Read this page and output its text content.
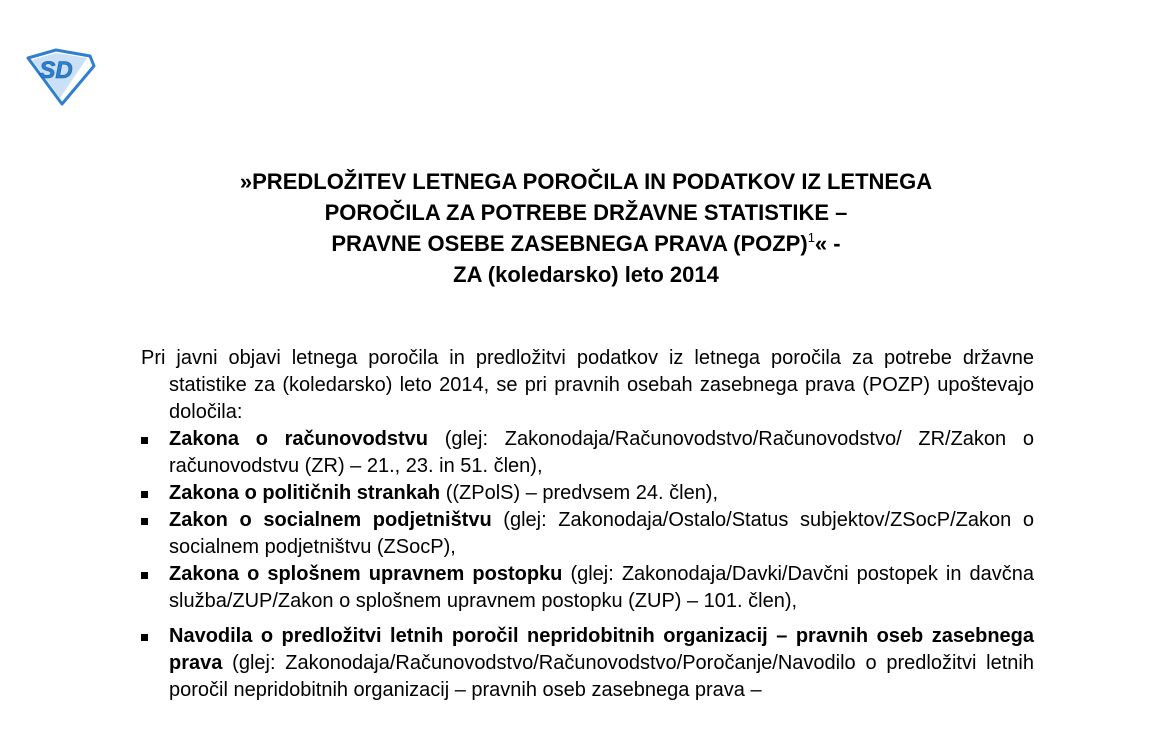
SD
»PREDLOŽITEV LETNEGA POROČILA IN PODATKOV IZ LETNEGA
POROČILA ZA POTREBE DRŽAVNE STATISTIKE –
PRAVNE OSEBE ZASEBNEGA PRAVA (POZP)$^1$« -
ZA (koledarsko) leto 2014

Pri javni objavi letnega poročila in predložitvi podatkov iz letnega poročila za potrebe državne statistike za (koledarsko) leto 2014, se pri pravnih osebah zasebnega prava (POZP) upoštevajo določila:

Zakona o računovodstvu (glej: Zakonodaja/Računovodstvo/Računovodstvo/ ZR/Zakon o računovodstvu (ZR) – 21., 23. in 51. člen),
Zakona o političnih strankah ((ZPolS) – predvsem 24. člen),
Zakon o socialnem podjetništvu (glej: Zakonodaja/Ostalo/Status subjektov/ZSocP/Zakon o socialnem podjetništvu (ZSocP),
Zakona o splošnem upravnem postopku (glej: Zakonodaja/Davki/Davčni postopek in davčna služba/ZUP/Zakon o splošnem upravnem postopku (ZUP) – 101. člen),
Navodila o predložitvi letnih poročil nepridobitnih organizacij – pravnih oseb zasebnega prava (glej: Zakonodaja/Računovodstvo/Računovodstvo/Poročanje/Navodilo o predložitvi letnih poročil nepridobitnih organizacij – pravnih oseb zasebnega prava –
